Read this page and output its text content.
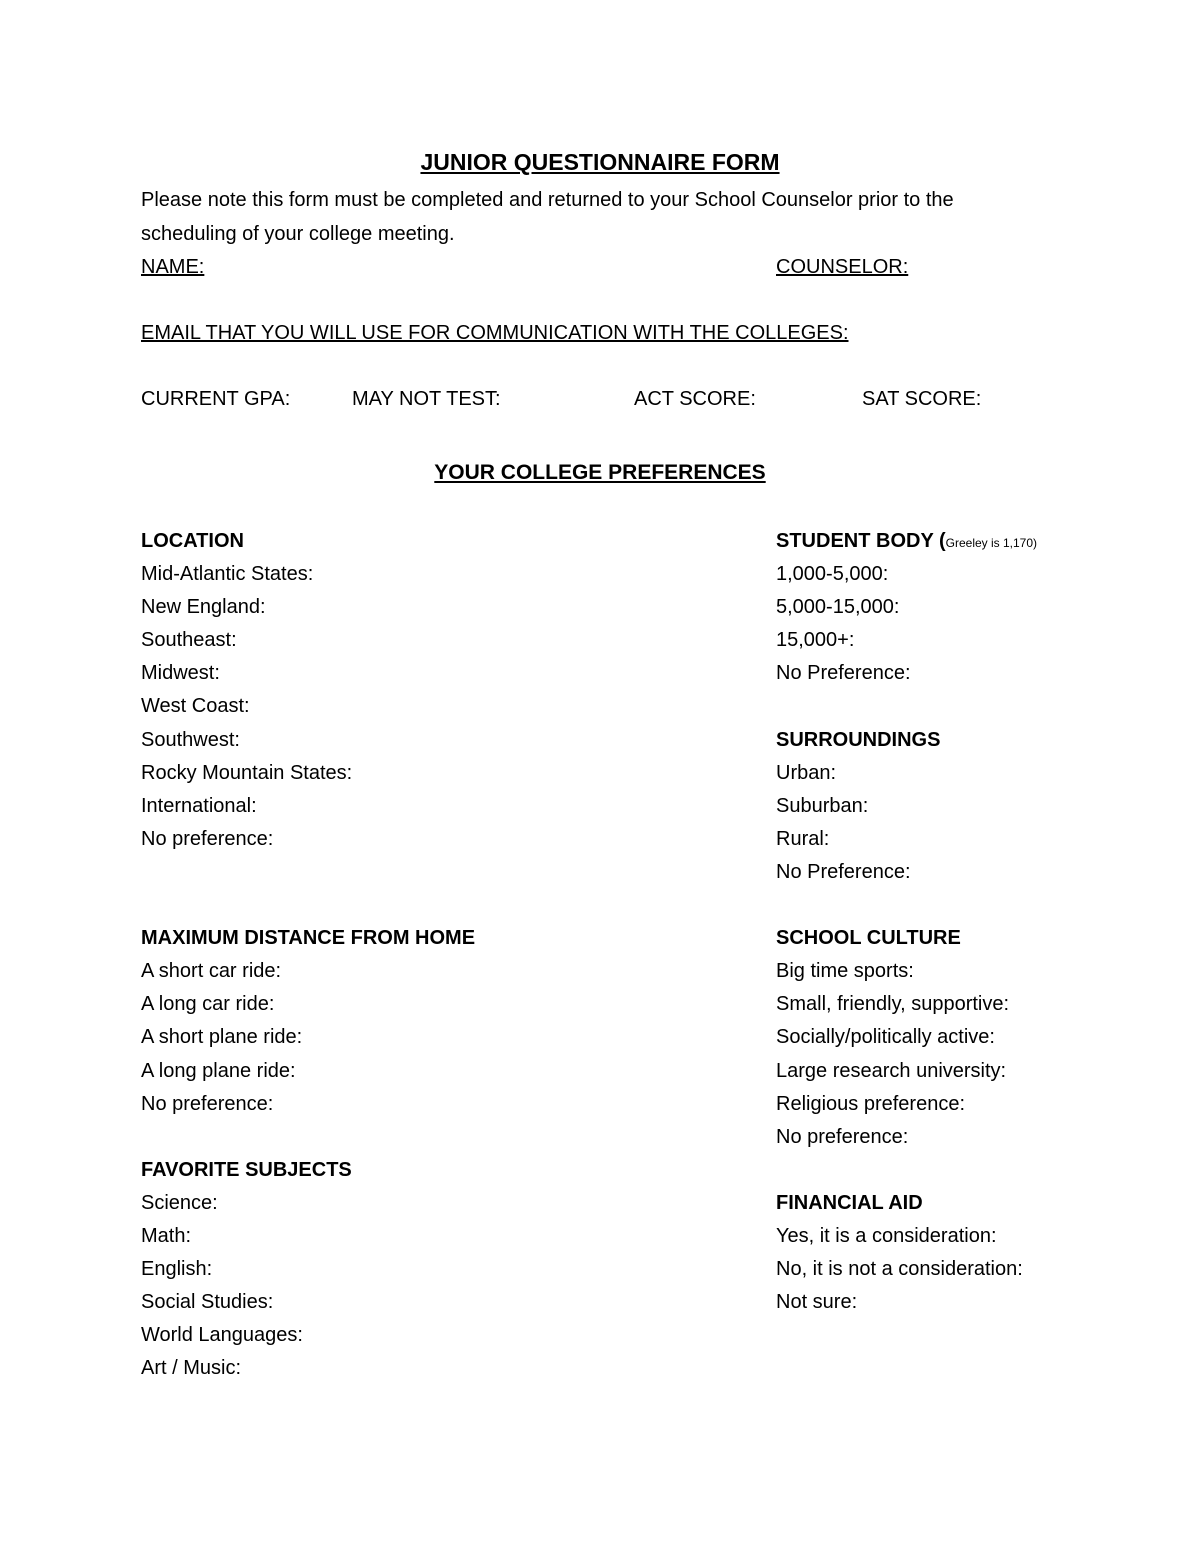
JUNIOR QUESTIONNAIRE FORM
Please note this form must be completed and returned to your School Counselor prior to the
scheduling of your college meeting.
NAME:	COUNSELOR:
EMAIL THAT YOU WILL USE FOR COMMUNICATION WITH THE COLLEGES:
CURRENT GPA:	MAY NOT TEST:	ACT SCORE:	SAT SCORE:
YOUR COLLEGE PREFERENCES
LOCATION
Mid-Atlantic States:
New England:
Southeast:
Midwest:
West Coast:
Southwest:
Rocky Mountain States:
International:
No preference:
MAXIMUM DISTANCE FROM HOME
A short car ride:
A long car ride:
A short plane ride:
A long plane ride:
No preference:
FAVORITE SUBJECTS
Science:
Math:
English:
Social Studies:
World Languages:
Art / Music:
STUDENT BODY (Greeley is 1,170)
1,000-5,000:
5,000-15,000:
15,000+:
No Preference:
SURROUNDINGS
Urban:
Suburban:
Rural:
No Preference:
SCHOOL CULTURE
Big time sports:
Small, friendly, supportive:
Socially/politically active:
Large research university:
Religious preference:
No preference:
FINANCIAL AID
Yes, it is a consideration:
No, it is not a consideration:
Not sure:
